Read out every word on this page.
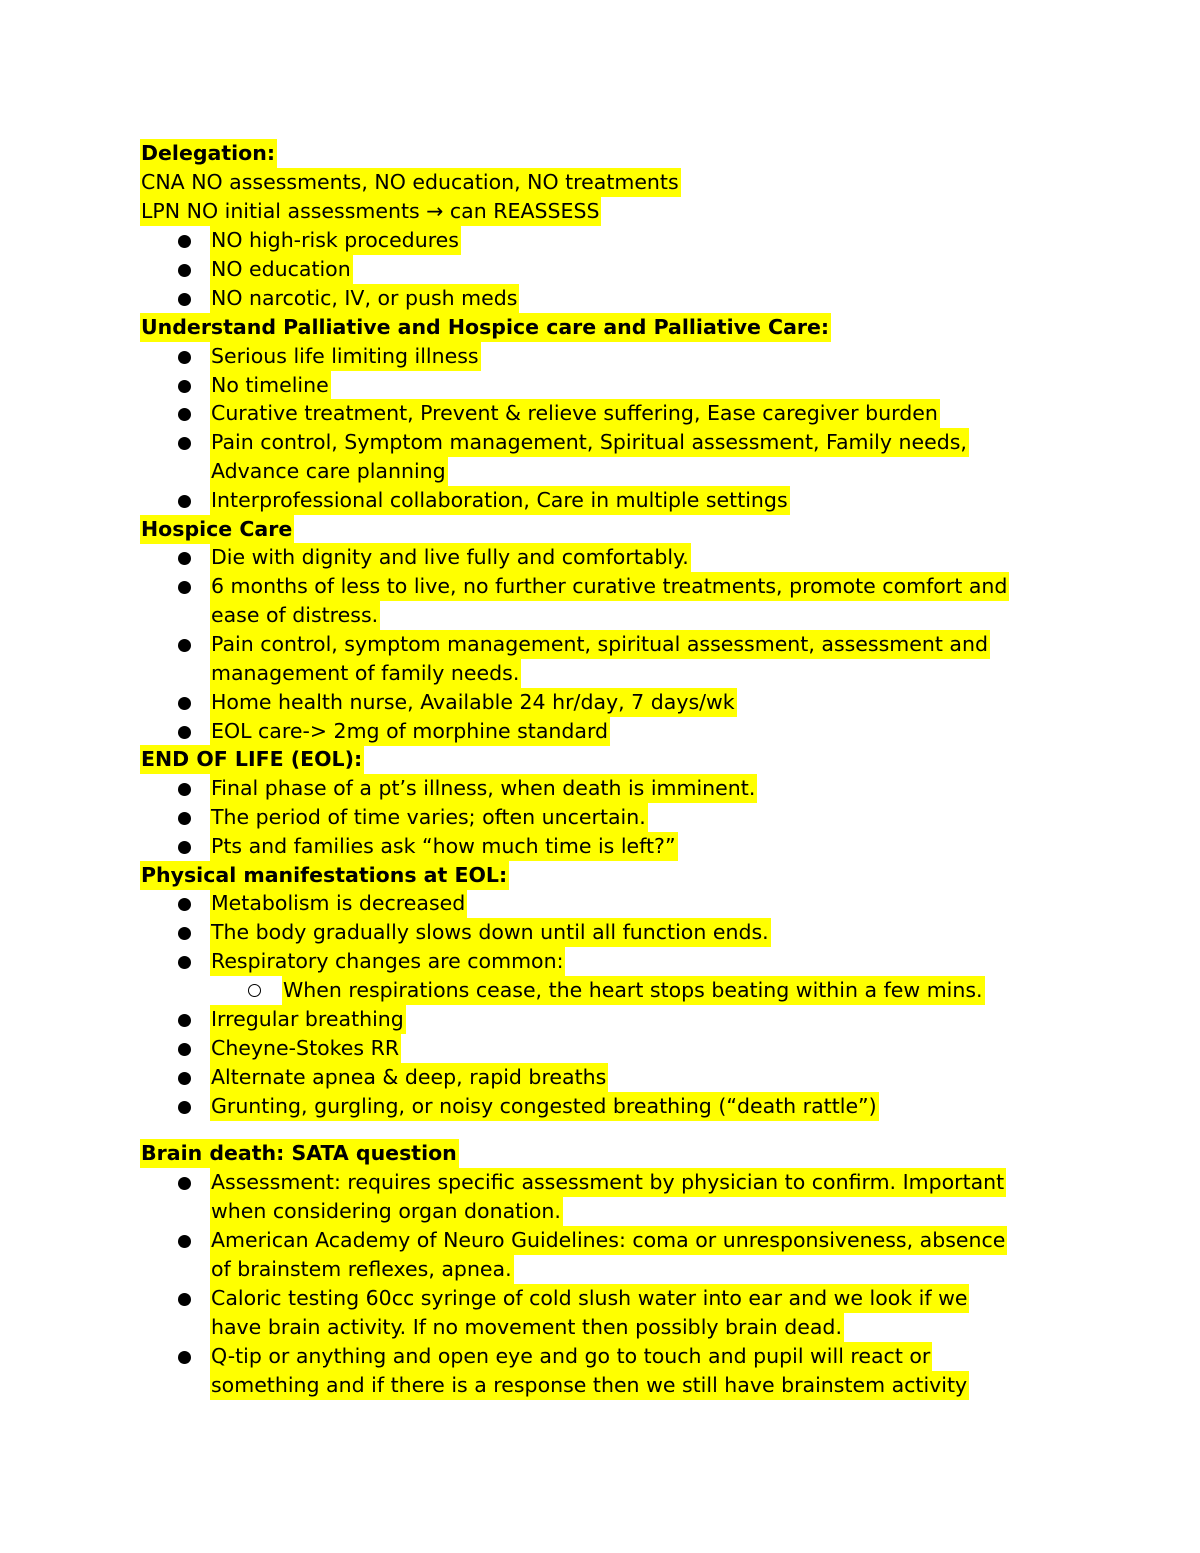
Delegation:
CNA NO assessments, NO education, NO treatments
LPN NO initial assessments → can REASSESS
NO high-risk procedures
NO education
NO narcotic, IV, or push meds
Understand Palliative and Hospice care and Palliative Care:
Serious life limiting illness
No timeline
Curative treatment, Prevent & relieve suffering, Ease caregiver burden
Pain control, Symptom management, Spiritual assessment, Family needs,
Advance care planning
Interprofessional collaboration, Care in multiple settings
Hospice Care
Die with dignity and live fully and comfortably.
6 months of less to live, no further curative treatments, promote comfort and
ease of distress.
Pain control, symptom management, spiritual assessment, assessment and
management of family needs.
Home health nurse, Available 24 hr/day, 7 days/wk
EOL care-> 2mg of morphine standard
END OF LIFE (EOL):
Final phase of a pt’s illness, when death is imminent.
The period of time varies; often uncertain.
Pts and families ask “how much time is left?”
Physical manifestations at EOL:
Metabolism is decreased
The body gradually slows down until all function ends.
Respiratory changes are common:
When respirations cease, the heart stops beating within a few mins.
Irregular breathing
Cheyne-Stokes RR
Alternate apnea & deep, rapid breaths
Grunting, gurgling, or noisy congested breathing (“death rattle”)
Brain death: SATA question
Assessment: requires specific assessment by physician to confirm. Important
when considering organ donation.
American Academy of Neuro Guidelines: coma or unresponsiveness, absence
of brainstem reflexes, apnea.
Caloric testing 60cc syringe of cold slush water into ear and we look if we
have brain activity. If no movement then possibly brain dead.
Q-tip or anything and open eye and go to touch and pupil will react or
something and if there is a response then we still have brainstem activity
